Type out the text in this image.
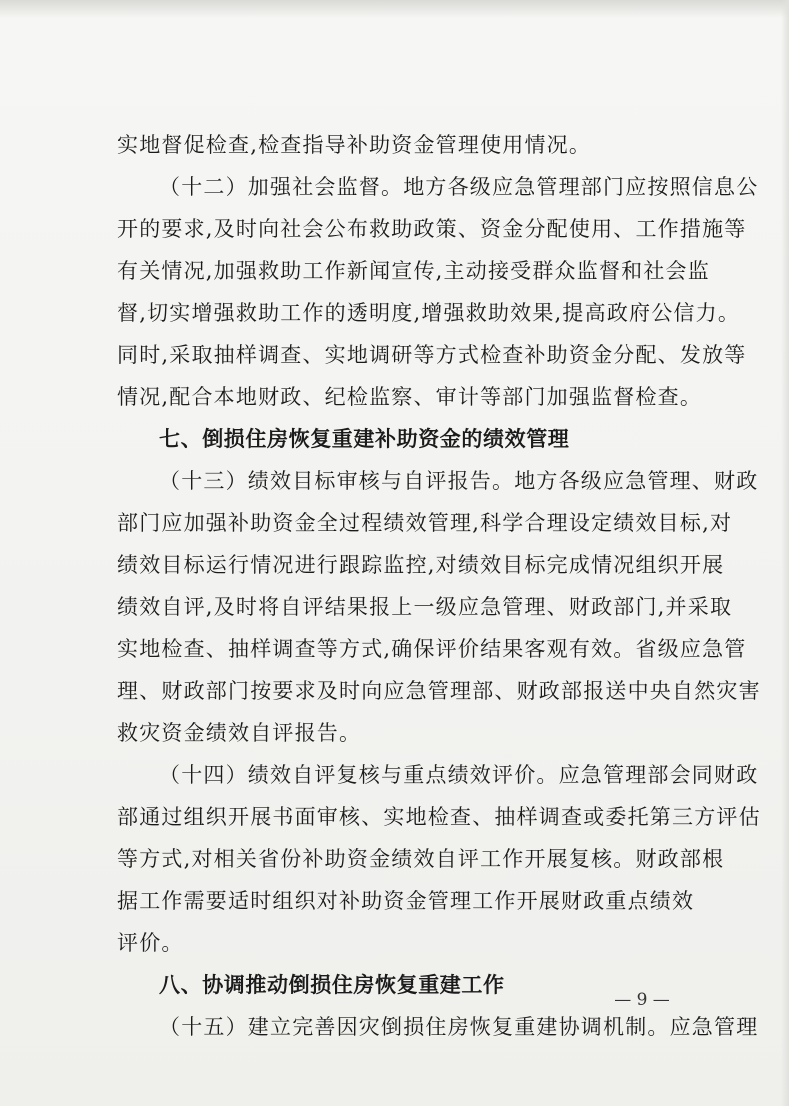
实地督促检查,检查指导补助资金管理使用情况。
（十二）加强社会监督。地方各级应急管理部门应按照信息公
开的要求,及时向社会公布救助政策、资金分配使用、工作措施等
有关情况,加强救助工作新闻宣传,主动接受群众监督和社会监
督,切实增强救助工作的透明度,增强救助效果,提高政府公信力。
同时,采取抽样调查、实地调研等方式检查补助资金分配、发放等
情况,配合本地财政、纪检监察、审计等部门加强监督检查。
七、倒损住房恢复重建补助资金的绩效管理
（十三）绩效目标审核与自评报告。地方各级应急管理、财政
部门应加强补助资金全过程绩效管理,科学合理设定绩效目标,对
绩效目标运行情况进行跟踪监控,对绩效目标完成情况组织开展
绩效自评,及时将自评结果报上一级应急管理、财政部门,并采取
实地检查、抽样调查等方式,确保评价结果客观有效。省级应急管
理、财政部门按要求及时向应急管理部、财政部报送中央自然灾害
救灾资金绩效自评报告。
（十四）绩效自评复核与重点绩效评价。应急管理部会同财政
部通过组织开展书面审核、实地检查、抽样调查或委托第三方评估
等方式,对相关省份补助资金绩效自评工作开展复核。财政部根
据工作需要适时组织对补助资金管理工作开展财政重点绩效
评价。
八、协调推动倒损住房恢复重建工作
（十五）建立完善因灾倒损住房恢复重建协调机制。应急管理
— 9 —
